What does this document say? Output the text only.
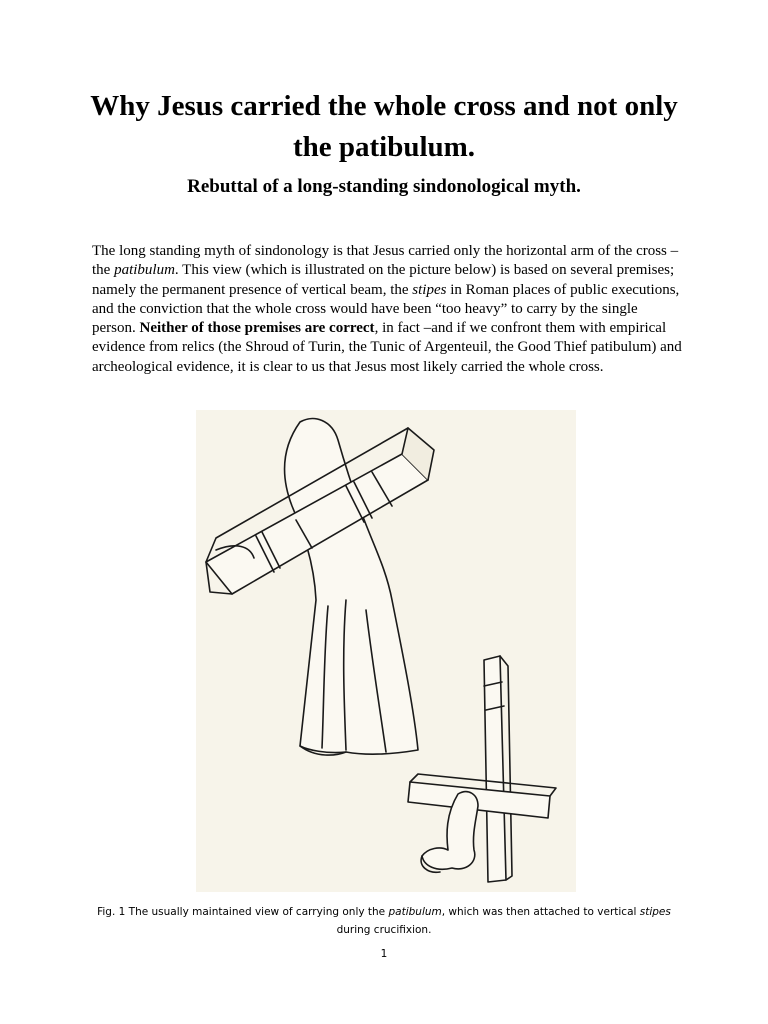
Why Jesus carried the whole cross and not only the patibulum.
Rebuttal of a long-standing sindonological myth.

The long standing myth of sindonology is that Jesus carried only the horizontal arm of the cross –the patibulum. This view (which is illustrated on the picture below) is based on several premises; namely the permanent presence of vertical beam, the stipes in Roman places of public executions, and the conviction that the whole cross would have been “too heavy” to carry by the single person. Neither of those premises are correct, in fact –and if we confront them with empirical evidence from relics (the Shroud of Turin, the Tunic of Argenteuil, the Good Thief patibulum) and archeological evidence, it is clear to us that Jesus most likely carried the whole cross.

Fig. 1 The usually maintained view of carrying only the patibulum, which was then attached to vertical stipes
during crucifixion.

1
